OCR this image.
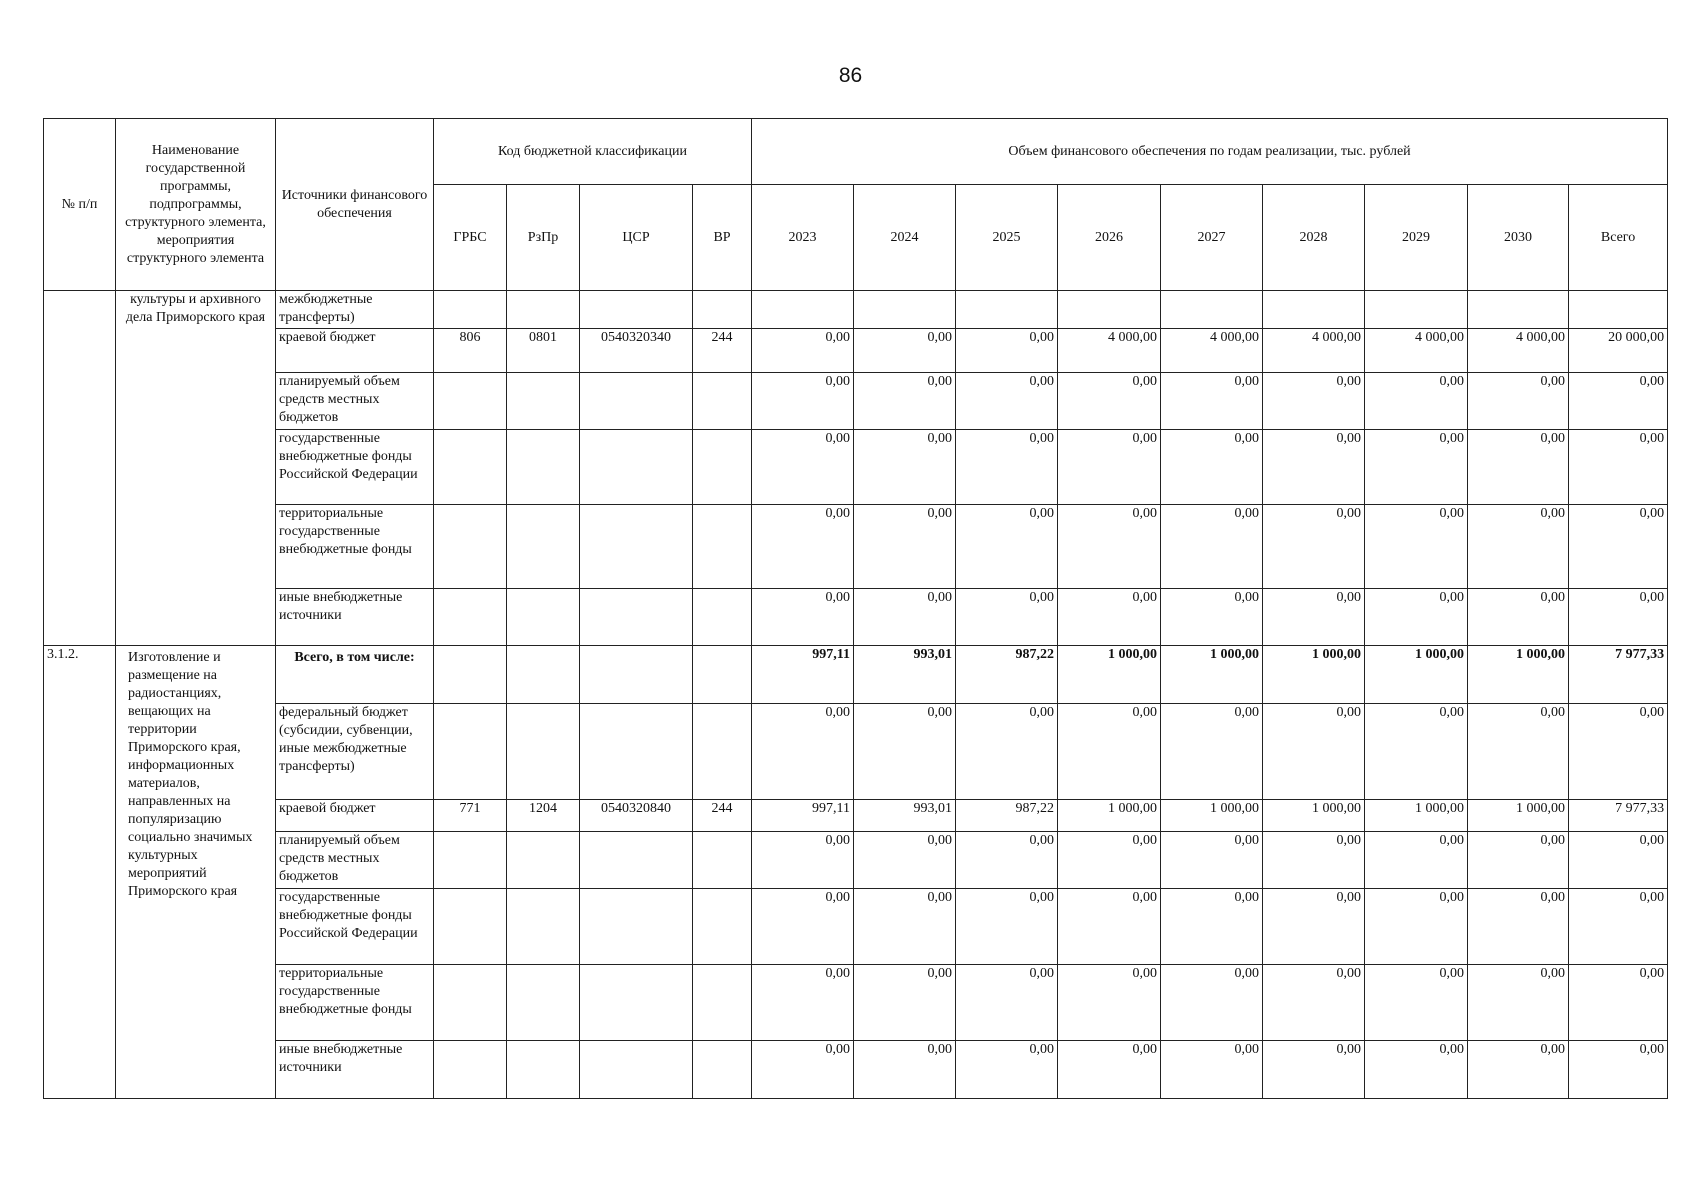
86
№ п/п	Наименование государственной программы, подпрограммы, структурного элемента, мероприятия структурного элемента	Источники финансового обеспечения	Код бюджетной классификации				Объем финансового обеспечения по годам реализации, тыс. рублей								
			ГРБС	РзПр	ЦСР	ВР	2023	2024	2025	2026	2027	2028	2029	2030	Всего
	культуры и архивного дела Приморского края	межбюджетные трансферты)													
		краевой бюджет	806	0801	0540320340	244	0,00	0,00	0,00	4 000,00	4 000,00	4 000,00	4 000,00	4 000,00	20 000,00
		планируемый объем средств местных бюджетов					0,00	0,00	0,00	0,00	0,00	0,00	0,00	0,00	0,00
		государственные внебюджетные фонды Российской Федерации					0,00	0,00	0,00	0,00	0,00	0,00	0,00	0,00	0,00
		территориальные государственные внебюджетные фонды					0,00	0,00	0,00	0,00	0,00	0,00	0,00	0,00	0,00
		иные внебюджетные источники					0,00	0,00	0,00	0,00	0,00	0,00	0,00	0,00	0,00
3.1.2.	Изготовление и размещение на радиостанциях, вещающих на территории Приморского края, информационных материалов, направленных на популяризацию социально значимых культурных мероприятий Приморского края	Всего, в том числе:					997,11	993,01	987,22	1 000,00	1 000,00	1 000,00	1 000,00	1 000,00	7 977,33
		федеральный бюджет (субсидии, субвенции, иные межбюджетные трансферты)					0,00	0,00	0,00	0,00	0,00	0,00	0,00	0,00	0,00
		краевой бюджет	771	1204	0540320840	244	997,11	993,01	987,22	1 000,00	1 000,00	1 000,00	1 000,00	1 000,00	7 977,33
		планируемый объем средств местных бюджетов					0,00	0,00	0,00	0,00	0,00	0,00	0,00	0,00	0,00
		государственные внебюджетные фонды Российской Федерации					0,00	0,00	0,00	0,00	0,00	0,00	0,00	0,00	0,00
		территориальные государственные внебюджетные фонды					0,00	0,00	0,00	0,00	0,00	0,00	0,00	0,00	0,00
		иные внебюджетные источники					0,00	0,00	0,00	0,00	0,00	0,00	0,00	0,00	0,00
